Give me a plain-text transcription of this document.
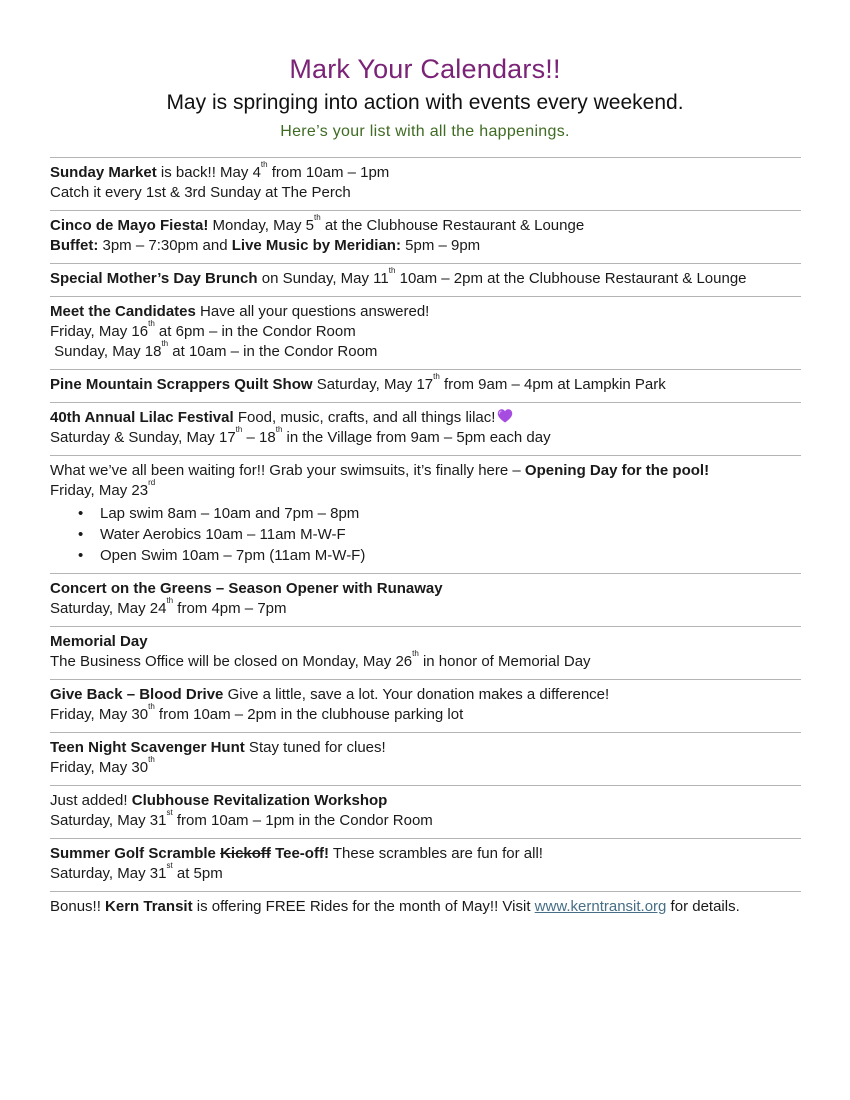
Mark Your Calendars!!
May is springing into action with events every weekend.
Here’s your list with all the happenings.
Sunday Market is back!! May 4th from 10am – 1pm
Catch it every 1st & 3rd Sunday at The Perch
Cinco de Mayo Fiesta! Monday, May 5th at the Clubhouse Restaurant & Lounge
Buffet: 3pm – 7:30pm and Live Music by Meridian: 5pm – 9pm
Special Mother’s Day Brunch on Sunday, May 11th 10am – 2pm at the Clubhouse Restaurant & Lounge
Meet the Candidates Have all your questions answered!
Friday, May 16th at 6pm – in the Condor Room
Sunday, May 18th at 10am – in the Condor Room
Pine Mountain Scrappers Quilt Show Saturday, May 17th from 9am – 4pm at Lampkin Park
40th Annual Lilac Festival Food, music, crafts, and all things lilac!
Saturday & Sunday, May 17th – 18th in the Village from 9am – 5pm each day
What we’ve all been waiting for!! Grab your swimsuits, it’s finally here – Opening Day for the pool!
Friday, May 23rd
• Lap swim 8am – 10am and 7pm – 8pm
• Water Aerobics 10am – 11am M-W-F
• Open Swim 10am – 7pm (11am M-W-F)
Concert on the Greens – Season Opener with Runaway
Saturday, May 24th from 4pm – 7pm
Memorial Day
The Business Office will be closed on Monday, May 26th in honor of Memorial Day
Give Back – Blood Drive Give a little, save a lot. Your donation makes a difference!
Friday, May 30th from 10am – 2pm in the clubhouse parking lot
Teen Night Scavenger Hunt Stay tuned for clues!
Friday, May 30th
Just added! Clubhouse Revitalization Workshop
Saturday, May 31st from 10am – 1pm in the Condor Room
Summer Golf Scramble Kickoff Tee-off! These scrambles are fun for all!
Saturday, May 31st at 5pm
Bonus!! Kern Transit is offering FREE Rides for the month of May!! Visit www.kerntransit.org for details.
